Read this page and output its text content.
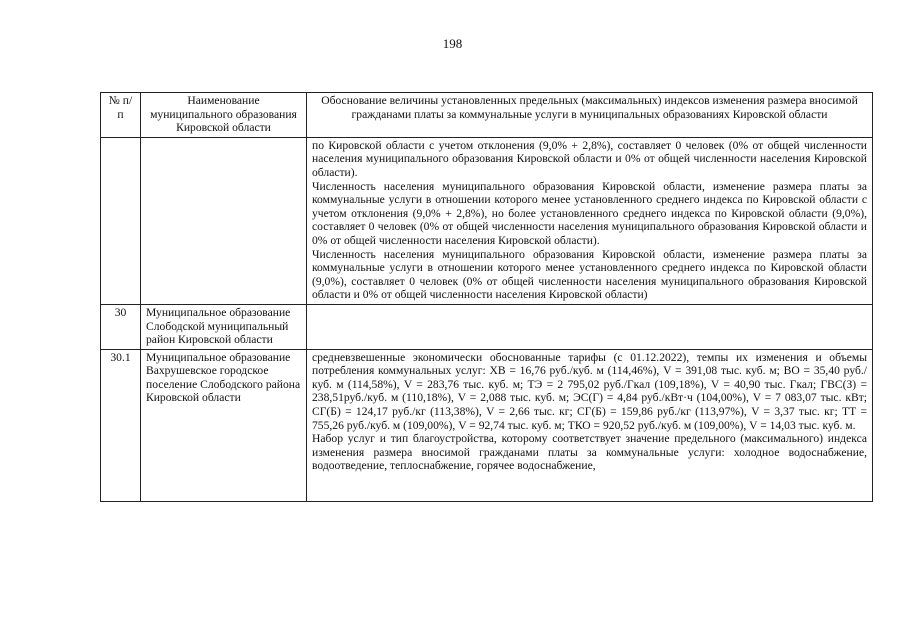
198
№ п/п	Наименование муниципального образования Кировской области	Обоснование величины установленных предельных (максимальных) индексов изменения размера вносимой гражданами платы за коммунальные услуги в муниципальных образованиях Кировской области

		по Кировской области с учетом отклонения (9,0% + 2,8%), составляет 0 человек (0% от общей численности населения муниципального образования Кировской области и 0% от общей численности населения Кировской области).

Численность населения муниципального образования Кировской области, изменение размера платы за коммунальные услуги в отношении которого менее установленного среднего индекса по Кировской области с учетом отклонения (9,0% + 2,8%), но более установленного среднего индекса по Кировской области (9,0%), составляет 0 человек (0% от общей численности населения муниципального образования Кировской области и 0% от общей численности населения Кировской области).

Численность населения муниципального образования Кировской области, изменение размера платы за коммунальные услуги в отношении которого менее установленного среднего индекса по Кировской области (9,0%), составляет 0 человек (0% от общей численности населения муниципального образования Кировской области и 0% от общей численности населения Кировской области)

30	Муниципальное образование Слободской муниципальный район Кировской области	
30.1	Муниципальное образование Вахрушевское городское поселение Слободского района Кировской области	средневзвешенные экономически обоснованные тарифы (с 01.12.2022), темпы их изменения и объемы потребления коммунальных услуг: ХВ = 16,76 руб./куб. м (114,46%), V = 391,08 тыс. куб. м; ВО = 35,40 руб./куб. м (114,58%), V = 283,76 тыс. куб. м; ТЭ = 2 795,02 руб./Гкал (109,18%), V = 40,90 тыс. Гкал; ГВС(З) = 238,51руб./куб. м (110,18%), V = 2,088 тыс. куб. м; ЭС(Г) = 4,84 руб./кВт·ч (104,00%), V = 7 083,07 тыс. кВт; СГ(Б) = 124,17 руб./кг (113,38%), V = 2,66 тыс. кг; СГ(Б) = 159,86 руб./кг (113,97%), V = 3,37 тыс. кг; ТТ = 755,26 руб./куб. м (109,00%), V = 92,74 тыс. куб. м; ТКО = 920,52 руб./куб. м (109,00%), V = 14,03 тыс. куб. м.

Набор услуг и тип благоустройства, которому соответствует значение предельного (максимального) индекса изменения размера вносимой гражданами платы за коммунальные услуги: холодное водоснабжение, водоотведение, теплоснабжение, горячее водоснабжение,
